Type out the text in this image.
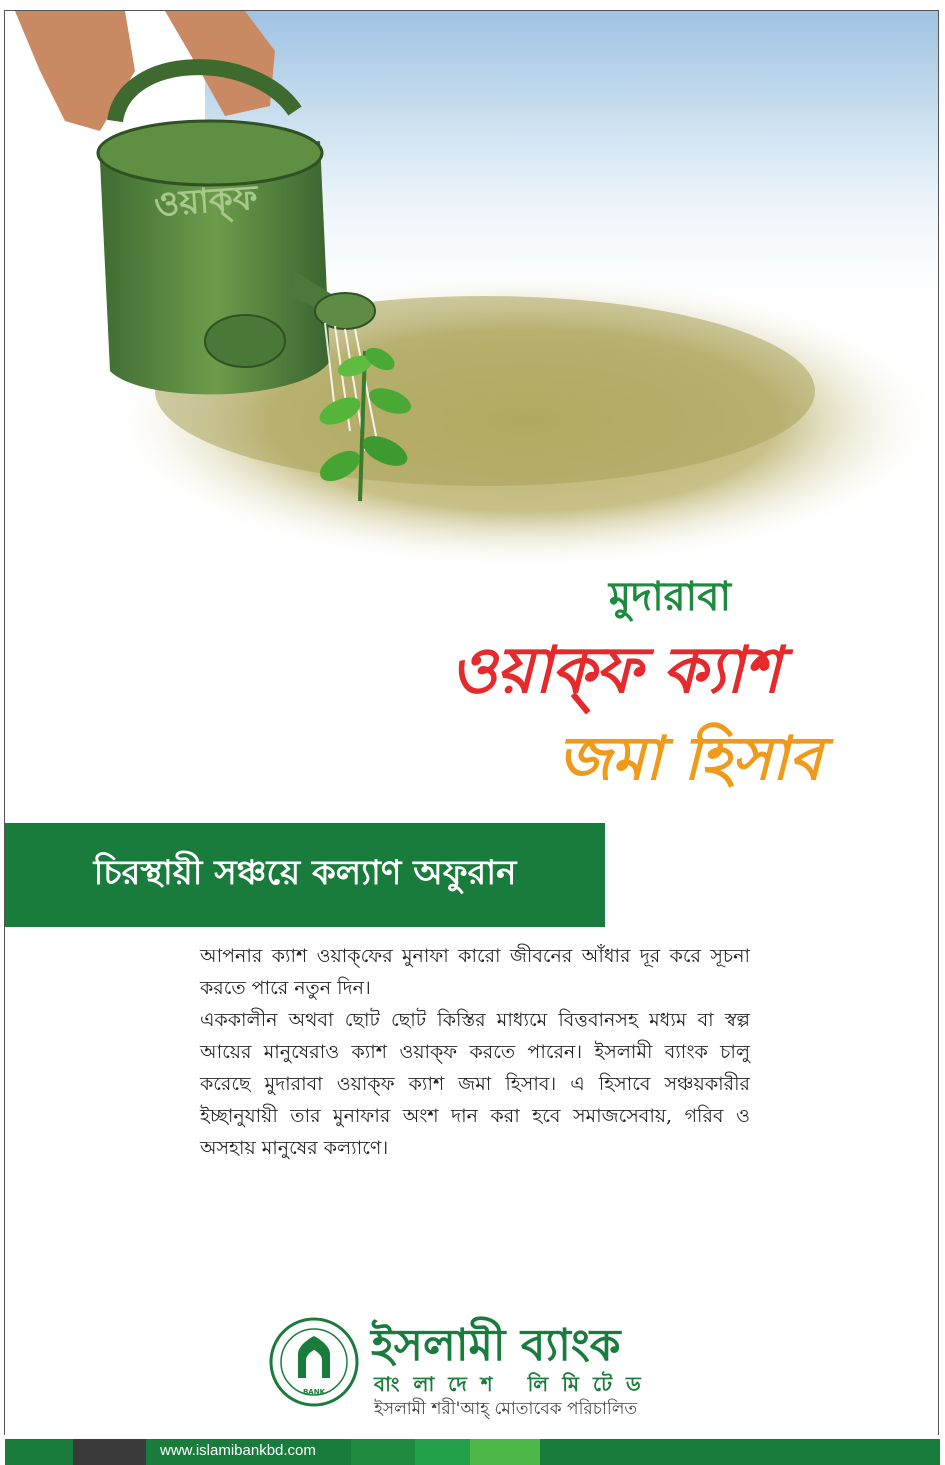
ওয়াক্‌ফ
মুদারাবা
ওয়াক্‌ফ ক্যাশ
জমা হিসাব
চিরস্থায়ী সঞ্চয়ে কল্যাণ অফুরান

আপনার ক্যাশ ওয়াক্‌ফের মুনাফা কারো জীবনের আঁধার দূর করে সূচনা করতে পারে নতুন দিন।

এককালীন অথবা ছোট ছোট কিস্তির মাধ্যমে বিত্তবানসহ মধ্যম বা স্বল্প আয়ের মানুষেরাও ক্যাশ ওয়াক্‌ফ করতে পারেন। ইসলামী ব্যাংক চালু করেছে মুদারাবা ওয়াক্‌ফ ক্যাশ জমা হিসাব। এ হিসাবে সঞ্চয়কারীর ইচ্ছানুযায়ী তার মুনাফার অংশ দান করা হবে সমাজসেবায়, গরিব ও অসহায় মানুষের কল্যাণে।

BANK
ইসলামী ব্যাংক
বাংলাদেশ লিমিটেড
ইসলামী শরী'আহ্ মোতাবেক পরিচালিত
www.islamibankbd.com
